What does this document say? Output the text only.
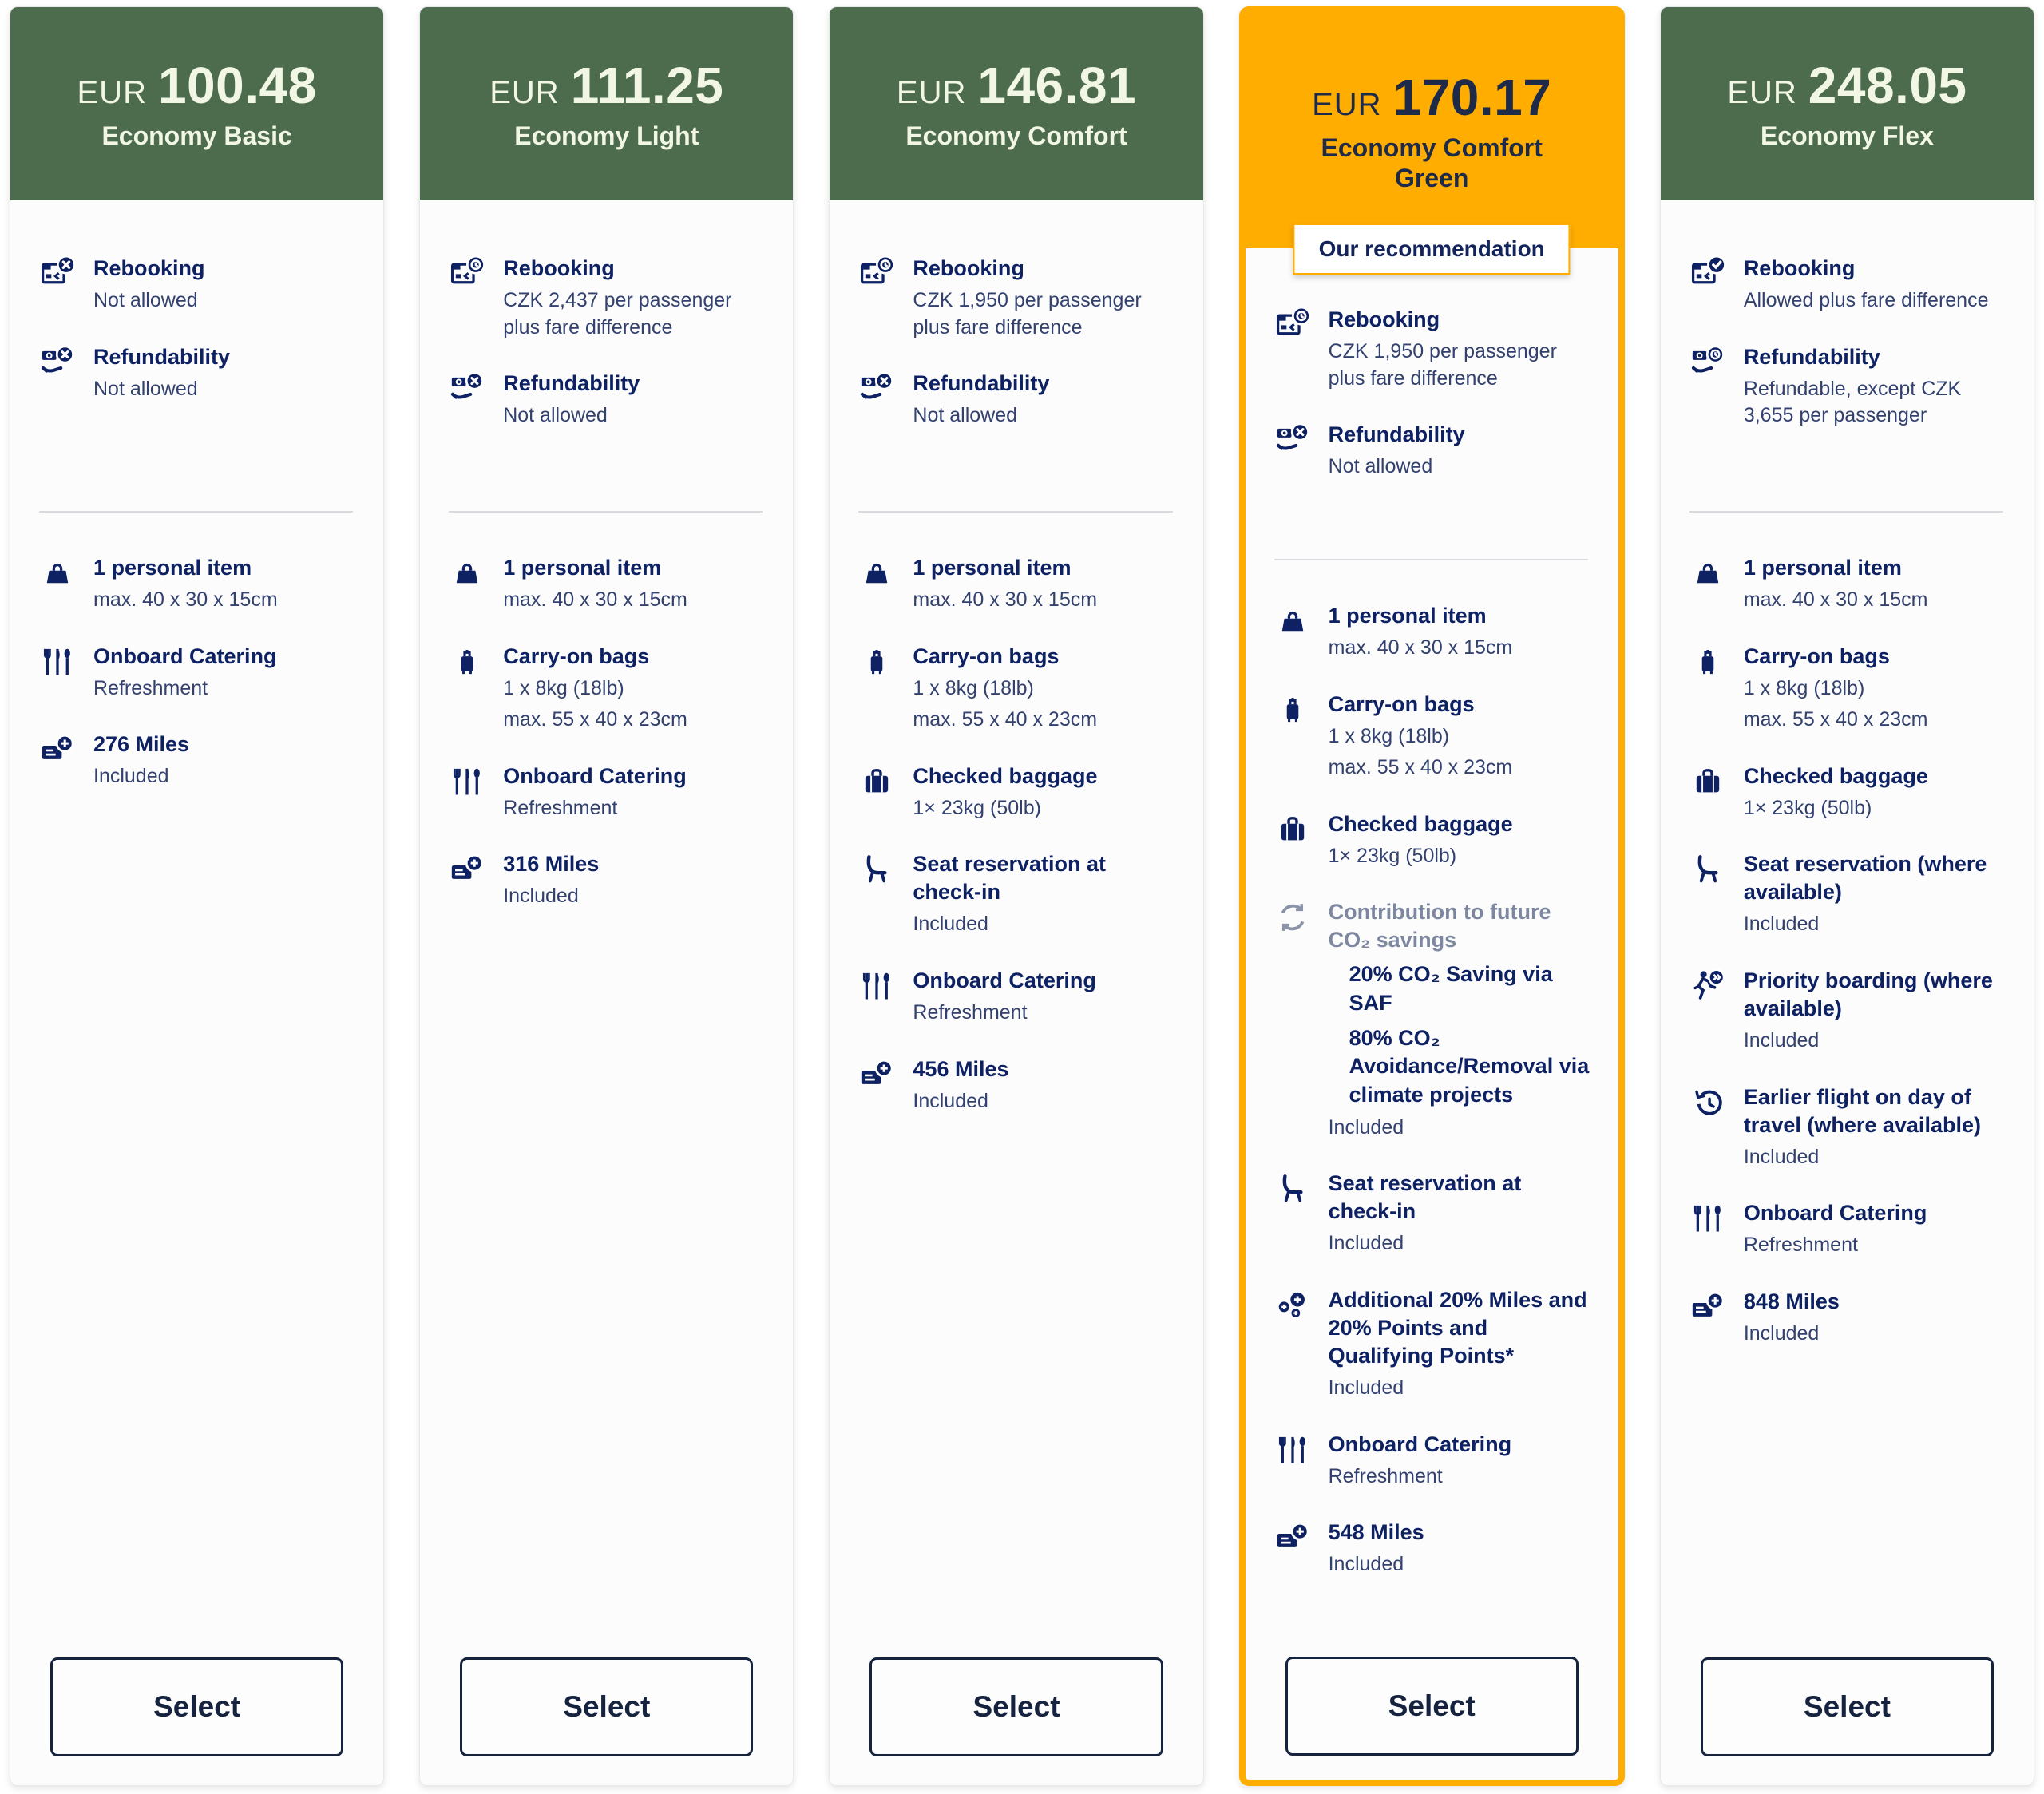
EUR 100.48
Economy Basic
Rebooking
Not allowed
Refundability
Not allowed
1 personal item
max. 40 x 30 x 15cm
Onboard Catering
Refreshment
276 Miles
Included
Select
EUR 111.25
Economy Light
Rebooking
CZK 2,437 per passenger plus fare difference
Refundability
Not allowed
1 personal item
max. 40 x 30 x 15cm
Carry-on bags
1 x 8kg (18lb)
max. 55 x 40 x 23cm
Onboard Catering
Refreshment
316 Miles
Included
Select
EUR 146.81
Economy Comfort
Rebooking
CZK 1,950 per passenger plus fare difference
Refundability
Not allowed
1 personal item
max. 40 x 30 x 15cm
Carry-on bags
1 x 8kg (18lb)
max. 55 x 40 x 23cm
Checked baggage
1× 23kg (50lb)
Seat reservation at check-in
Included
Onboard Catering
Refreshment
456 Miles
Included
Select
EUR 170.17
Economy Comfort Green
Our recommendation
Rebooking
CZK 1,950 per passenger plus fare difference
Refundability
Not allowed
1 personal item
max. 40 x 30 x 15cm
Carry-on bags
1 x 8kg (18lb)
max. 55 x 40 x 23cm
Checked baggage
1× 23kg (50lb)
Contribution to future CO₂ savings
20% CO₂ Saving via SAF
80% CO₂ Avoidance/Removal via climate projects
Included
Seat reservation at check-in
Included
Additional 20% Miles and 20% Points and Qualifying Points*
Included
Onboard Catering
Refreshment
548 Miles
Included
Select
EUR 248.05
Economy Flex
Rebooking
Allowed plus fare difference
Refundability
Refundable, except CZK 3,655 per passenger
1 personal item
max. 40 x 30 x 15cm
Carry-on bags
1 x 8kg (18lb)
max. 55 x 40 x 23cm
Checked baggage
1× 23kg (50lb)
Seat reservation (where available)
Included
Priority boarding (where available)
Included
Earlier flight on day of travel (where available)
Included
Onboard Catering
Refreshment
848 Miles
Included
Select
